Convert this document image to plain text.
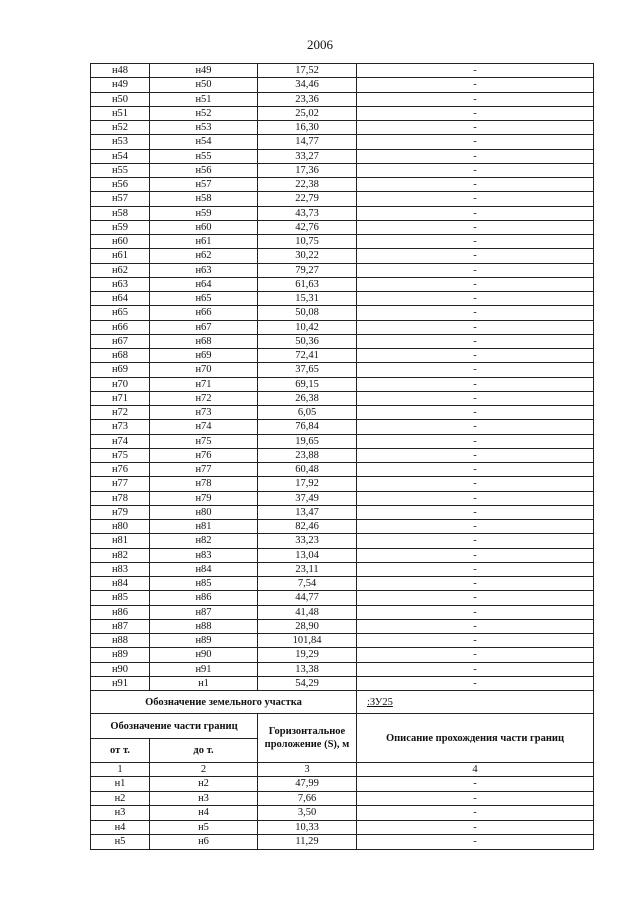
2006
н48	н49	17,52	-
н49	н50	34,46	-
н50	н51	23,36	-
н51	н52	25,02	-
н52	н53	16,30	-
н53	н54	14,77	-
н54	н55	33,27	-
н55	н56	17,36	-
н56	н57	22,38	-
н57	н58	22,79	-
н58	н59	43,73	-
н59	н60	42,76	-
н60	н61	10,75	-
н61	н62	30,22	-
н62	н63	79,27	-
н63	н64	61,63	-
н64	н65	15,31	-
н65	н66	50,08	-
н66	н67	10,42	-
н67	н68	50,36	-
н68	н69	72,41	-
н69	н70	37,65	-
н70	н71	69,15	-
н71	н72	26,38	-
н72	н73	6,05	-
н73	н74	76,84	-
н74	н75	19,65	-
н75	н76	23,88	-
н76	н77	60,48	-
н77	н78	17,92	-
н78	н79	37,49	-
н79	н80	13,47	-
н80	н81	82,46	-
н81	н82	33,23	-
н82	н83	13,04	-
н83	н84	23,11	-
н84	н85	7,54	-
н85	н86	44,77	-
н86	н87	41,48	-
н87	н88	28,90	-
н88	н89	101,84	-
н89	н90	19,29	-
н90	н91	13,38	-
н91	н1	54,29	-
Обозначение земельного участка			:ЗУ25
Обозначение части границ		Горизонтальное проложение (S), м	Описание прохождения части границ
от т.	до т.		
1	2	3	4
н1	н2	47,99	-
н2	н3	7,66	-
н3	н4	3,50	-
н4	н5	10,33	-
н5	н6	11,29	-
